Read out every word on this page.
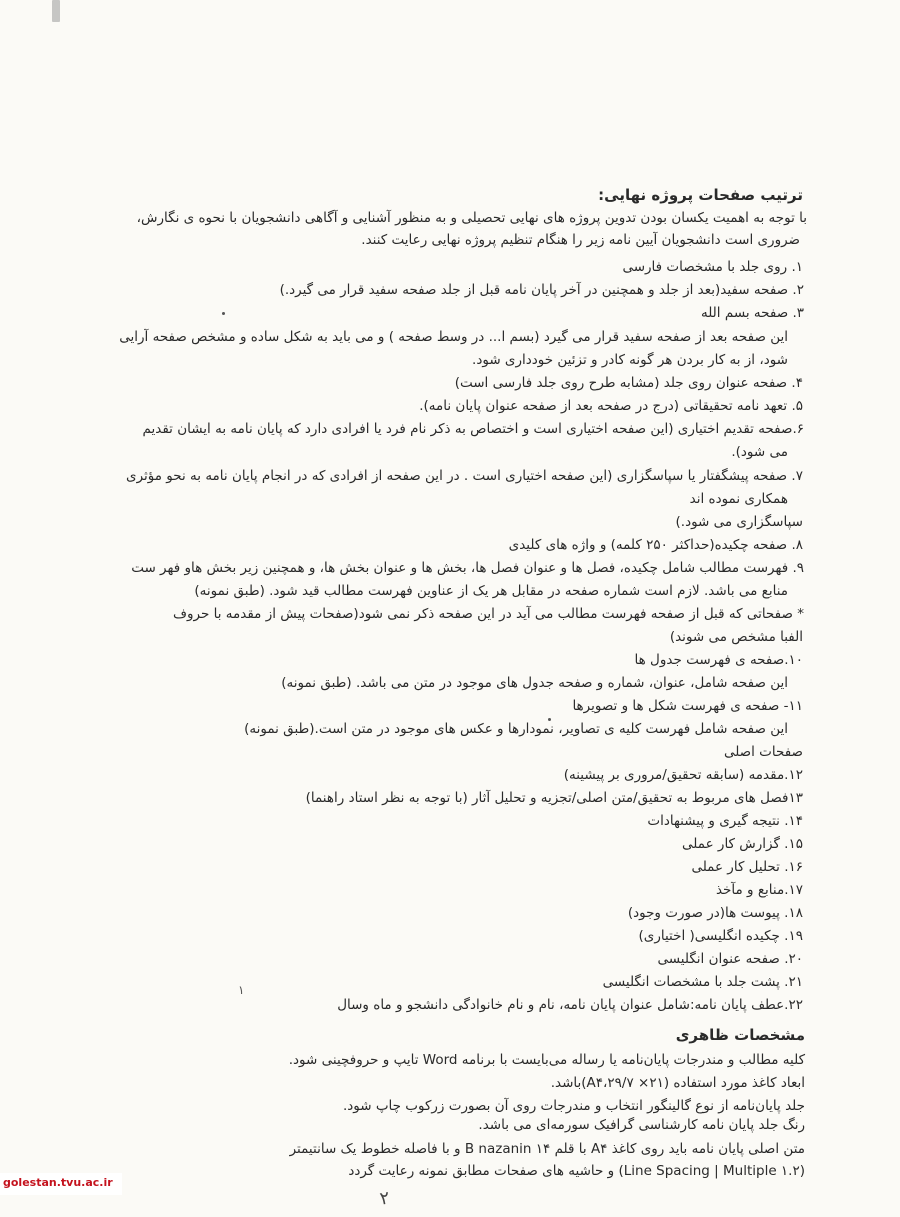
ترتیب صفحات پروژه نهایی:
با توجه به اهمیت یکسان بودن تدوین پروژه های نهایی تحصیلی و به منظور آشنایی و آگاهی دانشجویان با نحوه ی نگارش،
ضروری است دانشجویان آیین نامه زیر را هنگام تنظیم پروژه نهایی رعایت کنند.
۱. روی جلد با مشخصات فارسی
۲. صفحه سفید(بعد از جلد و همچنین در آخر پایان نامه قبل از جلد صفحه سفید قرار می گیرد.)
۳. صفحه بسم الله
این صفحه بعد از صفحه سفید قرار می گیرد (بسم ا... در وسط صفحه ) و می باید به شکل ساده و مشخص صفحه آرایی
شود، از به کار بردن هر گونه کادر و تزئین خودداری شود.
۴. صفحه عنوان روی جلد (مشابه طرح روی جلد فارسی است)
۵. تعهد نامه تحقیقاتی (درج در صفحه بعد از صفحه عنوان پایان نامه).
۶.صفحه تقدیم اختیاری (این صفحه اختیاری است و اختصاص به ذکر نام فرد یا افرادی دارد که پایان نامه به ایشان تقدیم
می شود).
۷. صفحه پیشگفتار یا سپاسگزاری (این صفحه اختیاری است . در این صفحه از افرادی که در انجام پایان نامه به نحو مؤثری
همکاری نموده اند
سپاسگزاری می شود.)
۸. صفحه چکیده(حداکثر ۲۵۰ کلمه) و واژه های کلیدی
۹. فهرست مطالب شامل چکیده، فصل ها و عنوان فصل ها، بخش ها و عنوان بخش ها، و همچنین زیر بخش هاو فهر ست
منابع می باشد. لازم است شماره صفحه در مقابل هر یک از عناوین فهرست مطالب قید شود. (طبق نمونه)
* صفحاتی که قبل از صفحه فهرست مطالب می آید در این صفحه ذکر نمی شود(صفحات پیش از مقدمه با حروف
الفبا مشخص می شوند)
۱۰.صفحه ی فهرست جدول ها
این صفحه شامل، عنوان، شماره و صفحه جدول های موجود در متن می باشد. (طبق نمونه)
۱۱- صفحه ی فهرست شکل ها و تصویرها
این صفحه شامل فهرست کلیه ی تصاویر، نمودارها و عکس های موجود در متن است.(طبق نمونه)
صفحات اصلی
۱۲.مقدمه (سابقه تحقیق/مروری بر پیشینه)
۱۳فصل های مربوط به تحقیق/متن اصلی/تجزیه و تحلیل آثار (با توجه به نظر استاد راهنما)
۱۴. نتیجه گیری و پیشنهادات
۱۵. گزارش کار عملی
۱۶. تحلیل کار عملی
۱۷.منابع و مآخذ
۱۸. پیوست ها(در صورت وجود)
۱۹. چکیده انگلیسی( اختیاری)
۲۰. صفحه عنوان انگلیسی
۲۱. پشت جلد با مشخصات انگلیسی
۲۲.عطف پایان نامه:شامل عنوان پایان نامه، نام و نام خانوادگی دانشجو و ماه وسال
١
مشخصات ظاهری
کلیه مطالب و مندرجات پایان‌نامه یا رساله می‌بایست با برنامه Word تایپ و حروفچینی شود.
ابعاد کاغذ مورد استفاده (۲۱× A۴،۲۹/۷)باشد.
جلد پایان‌نامه از نوع گالینگور انتخاب و مندرجات روی آن بصورت زرکوب چاپ شود.
رنگ جلد پایان نامه کارشناسی گرافیک سورمه‌ای می باشد.
متن اصلی پایان نامه باید روی کاغذ A۴ با قلم ۱۴ B nazanin و با فاصله خطوط یک سانتیمتر
(Line Spacing | Multiple ۱.۲) و حاشیه های صفحات مطابق نمونه رعایت گردد
۲
golestan.tvu.ac.ir
